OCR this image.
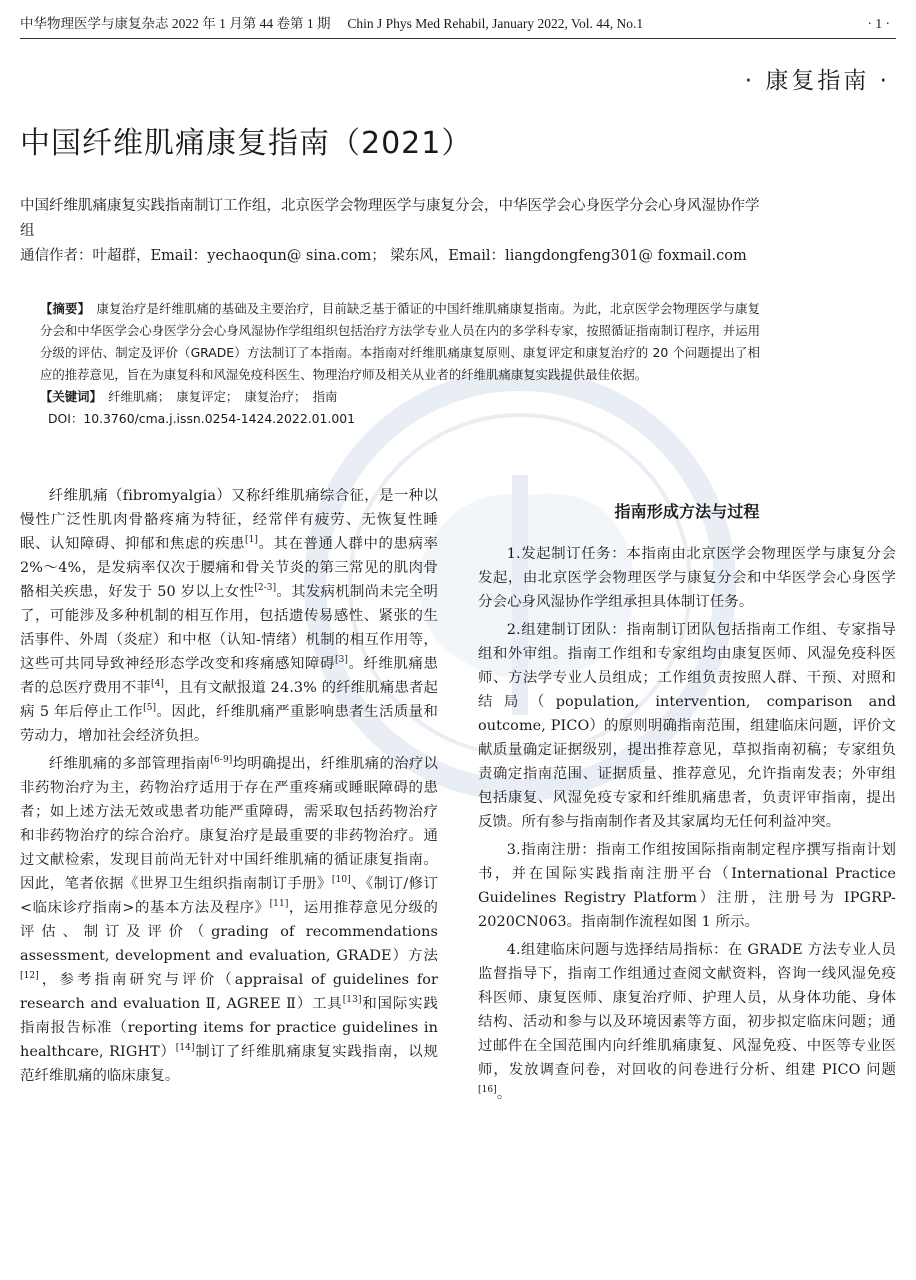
中华物理医学与康复杂志 2022 年 1 月第 44 卷第 1 期　 Chin J Phys Med Rehabil, January 2022, Vol. 44, No.1	· 1 ·
· 康复指南 ·
中国纤维肌痛康复指南（2021）
中国纤维肌痛康复实践指南制订工作组，北京医学会物理医学与康复分会，中华医学会心身医学分会心身风湿协作学组
通信作者：叶超群，Email：yechaoqun@ sina.com； 梁东风，Email：liangdongfeng301@ foxmail.com

【摘要】　 康复治疗是纤维肌痛的基础及主要治疗，目前缺乏基于循证的中国纤维肌痛康复指南。为此，北京医学会物理医学与康复分会和中华医学会心身医学分会心身风湿协作学组组织包括治疗方法学专业人员在内的多学科专家，按照循证指南制订程序，并运用分级的评估、制定及评价（GRADE）方法制订了本指南。本指南对纤维肌痛康复原则、康复评定和康复治疗的 20 个问题提出了相应的推荐意见，旨在为康复科和风湿免疫科医生、物理治疗师及相关从业者的纤维肌痛康复实践提供最佳依据。

【关键词】　 纤维肌痛；　康复评定；　康复治疗；　指南

DOI：10.3760/cma.j.issn.0254-1424.2022.01.001

纤维肌痛（fibromyalgia）又称纤维肌痛综合征，是一种以慢性广泛性肌肉骨骼疼痛为特征，经常伴有疲劳、无恢复性睡眠、认知障碍、抑郁和焦虑的疾患[1]。其在普通人群中的患病率 2%～4%，是发病率仅次于腰痛和骨关节炎的第三常见的肌肉骨骼相关疾患，好发于 50 岁以上女性[2-3]。其发病机制尚未完全明了，可能涉及多种机制的相互作用，包括遗传易感性、紧张的生活事件、外周（炎症）和中枢（认知-情绪）机制的相互作用等，这些可共同导致神经形态学改变和疼痛感知障碍[3]。纤维肌痛患者的总医疗费用不菲[4]，且有文献报道 24.3% 的纤维肌痛患者起病 5 年后停止工作[5]。因此，纤维肌痛严重影响患者生活质量和劳动力，增加社会经济负担。

纤维肌痛的多部管理指南[6-9]均明确提出，纤维肌痛的治疗以非药物治疗为主，药物治疗适用于存在严重疼痛或睡眠障碍的患者；如上述方法无效或患者功能严重障碍，需采取包括药物治疗和非药物治疗的综合治疗。康复治疗是最重要的非药物治疗。通过文献检索，发现目前尚无针对中国纤维肌痛的循证康复指南。因此，笔者依据《世界卫生组织指南制订手册》[10]、《制订/修订<临床诊疗指南>的基本方法及程序》[11]，运用推荐意见分级的评估、制订及评价（grading of recommendations assessment, development and evaluation, GRADE）方法[12]，参考指南研究与评价（appraisal of guidelines for research and evaluation Ⅱ, AGREE Ⅱ）工具[13]和国际实践指南报告标准（reporting items for practice guidelines in healthcare, RIGHT）[14]制订了纤维肌痛康复实践指南，以规范纤维肌痛的临床康复。

指南形成方法与过程

1.发起制订任务：本指南由北京医学会物理医学与康复分会发起，由北京医学会物理医学与康复分会和中华医学会心身医学分会心身风湿协作学组承担具体制订任务。

2.组建制订团队：指南制订团队包括指南工作组、专家指导组和外审组。指南工作组和专家组均由康复医师、风湿免疫科医师、方法学专业人员组成；工作组负责按照人群、干预、对照和结局（population, intervention, comparison and outcome, PICO）的原则明确指南范围，组建临床问题，评价文献质量确定证据级别，提出推荐意见，草拟指南初稿；专家组负责确定指南范围、证据质量、推荐意见，允许指南发表；外审组包括康复、风湿免疫专家和纤维肌痛患者，负责评审指南，提出反馈。所有参与指南制作者及其家属均无任何利益冲突。

3.指南注册：指南工作组按国际指南制定程序撰写指南计划书，并在国际实践指南注册平台（International Practice Guidelines Registry Platform）注册，注册号为 IPGRP-2020CN063。指南制作流程如图 1 所示。

4.组建临床问题与选择结局指标：在 GRADE 方法专业人员监督指导下，指南工作组通过查阅文献资料，咨询一线风湿免疫科医师、康复医师、康复治疗师、护理人员，从身体功能、身体结构、活动和参与以及环境因素等方面，初步拟定临床问题；通过邮件在全国范围内向纤维肌痛康复、风湿免疫、中医等专业医师，发放调查问卷，对回收的问卷进行分析、组建 PICO 问题[16]。
